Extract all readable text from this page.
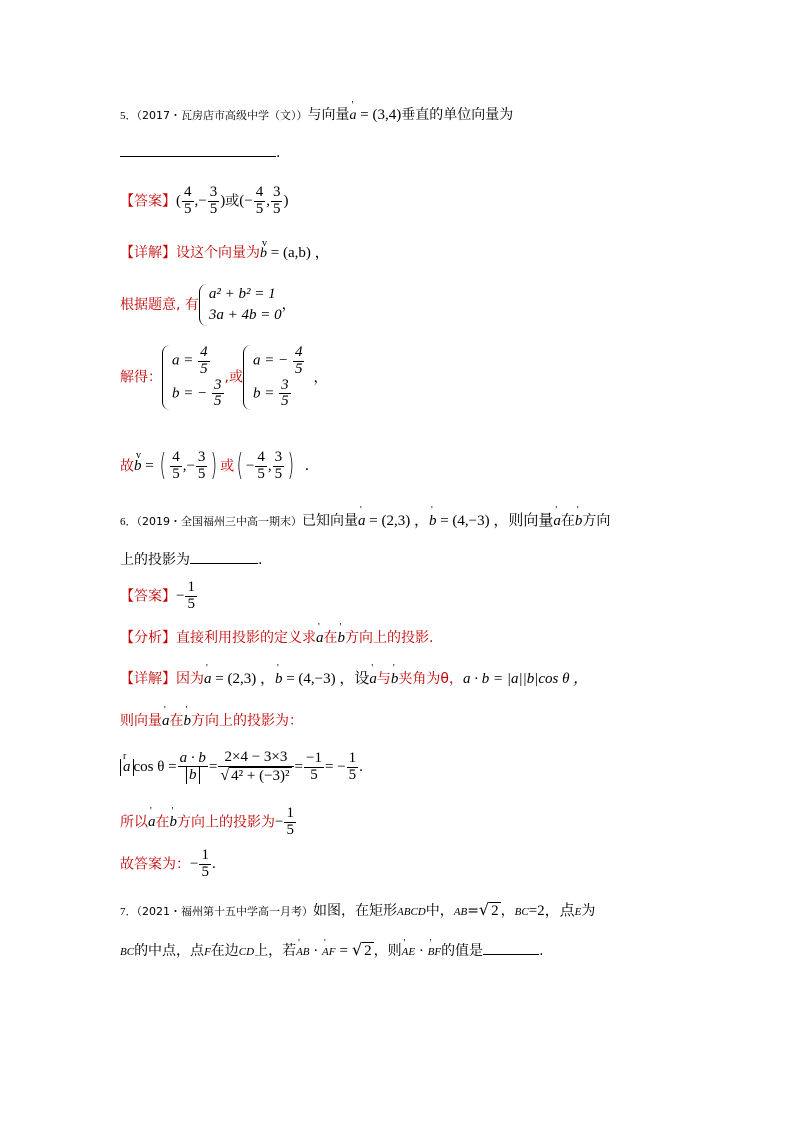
5．（2017・瓦房店市高级中学（文））与向量' a = (3,4)垂直的单位向量为
.
【答案】( $\frac{4}{5}$ ,− $\frac{3}{5}$ )或(− $\frac{4}{5}$ , $\frac{3}{5}$ )
【详解】设这个向量为v b = (a,b) ，
根据题意, 有
a² + b² = 1
3a + 4b = 0
，
解得：
$a = \frac{4}{5}$
b = − $\frac{3}{5}$ ,或
a = − $\frac{4}{5}$
$b = \frac{3}{5}$ ，
故v b = ( $\frac{4}{5}$ ,− $\frac{3}{5}$ ) 或( − $\frac{4}{5}$ , $\frac{3}{5}$ ) ．
6．（2019・全国福州三中高一期末）已知向量' a = (2,3) ，' b = (4,−3) ，则向量' a在' b方向
上的投影为	.
【答案】− $\frac{1}{5}$
【分析】直接利用投影的定义求' a在' b方向上的投影.
【详解】因为' a = (2,3) ，' b = (4,−3) ，设' a与' b夹角为θ，a · b = |a||b|cos θ ，
则向量' a在' b方向上的投影为：
r a $\cos \theta = \frac{a \cdot b}{b} = \frac{2\times 4 - 3\times 3}{\text{√ 4² + (−3)²}} = \frac{-1}{5}$ = − $\frac{1}{5}$ .
所以' a在' b方向上的投影为− $\frac{1}{5}$
故答案为：− $\frac{1}{5}$ .
7．（2021・福州第十五中学高一月考）如图，在矩形ABCD中，AB=√ 2 ，BC=2，点E为
BC的中点，点F在边CD上，若' AB · ' AF = √ 2 ，则' AE · ' BF的值是	.
